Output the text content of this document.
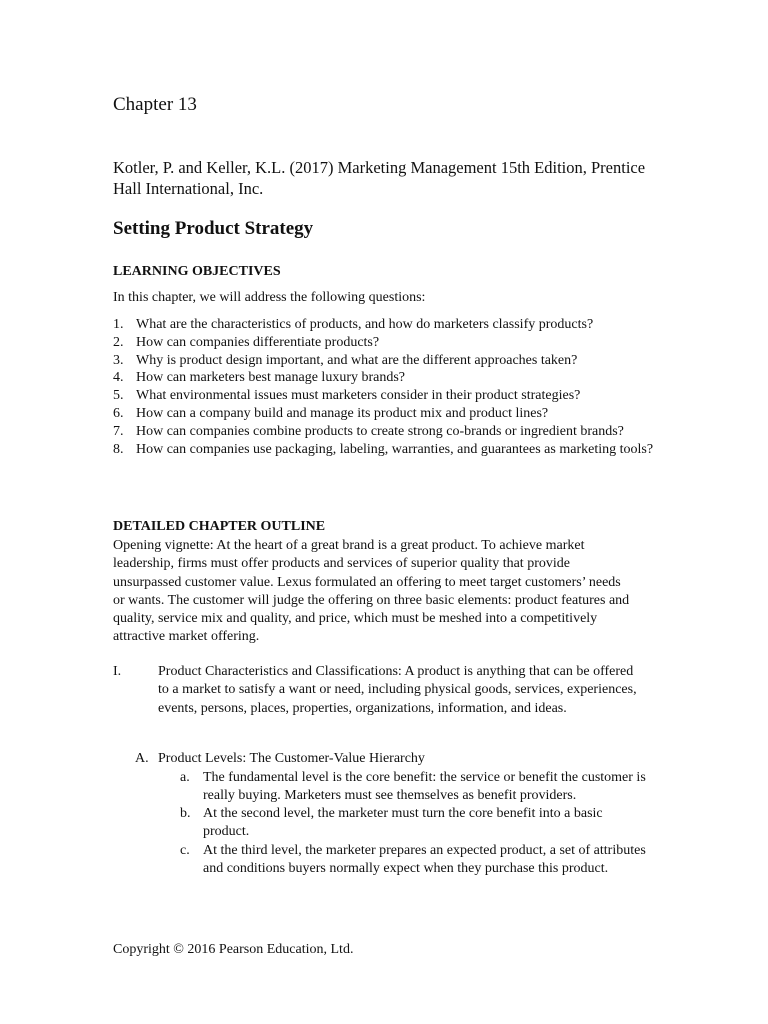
Chapter 13
Kotler, P. and Keller, K.L. (2017) Marketing Management 15th Edition, Prentice Hall International, Inc.
Setting Product Strategy
LEARNING OBJECTIVES
In this chapter, we will address the following questions:
1. What are the characteristics of products, and how do marketers classify products?
2. How can companies differentiate products?
3. Why is product design important, and what are the different approaches taken?
4. How can marketers best manage luxury brands?
5. What environmental issues must marketers consider in their product strategies?
6. How can a company build and manage its product mix and product lines?
7. How can companies combine products to create strong co-brands or ingredient brands?
8. How can companies use packaging, labeling, warranties, and guarantees as marketing tools?
DETAILED CHAPTER OUTLINE
Opening vignette: At the heart of a great brand is a great product. To achieve market leadership, firms must offer products and services of superior quality that provide unsurpassed customer value. Lexus formulated an offering to meet target customers’ needs or wants. The customer will judge the offering on three basic elements: product features and quality, service mix and quality, and price, which must be meshed into a competitively attractive market offering.
I.	Product Characteristics and Classifications: A product is anything that can be offered to a market to satisfy a want or need, including physical goods, services, experiences, events, persons, places, properties, organizations, information, and ideas.
A. Product Levels: The Customer-Value Hierarchy
a. The fundamental level is the core benefit: the service or benefit the customer is really buying. Marketers must see themselves as benefit providers.
b. At the second level, the marketer must turn the core benefit into a basic product.
c. At the third level, the marketer prepares an expected product, a set of attributes and conditions buyers normally expect when they purchase this product.
Copyright © 2016 Pearson Education, Ltd.
